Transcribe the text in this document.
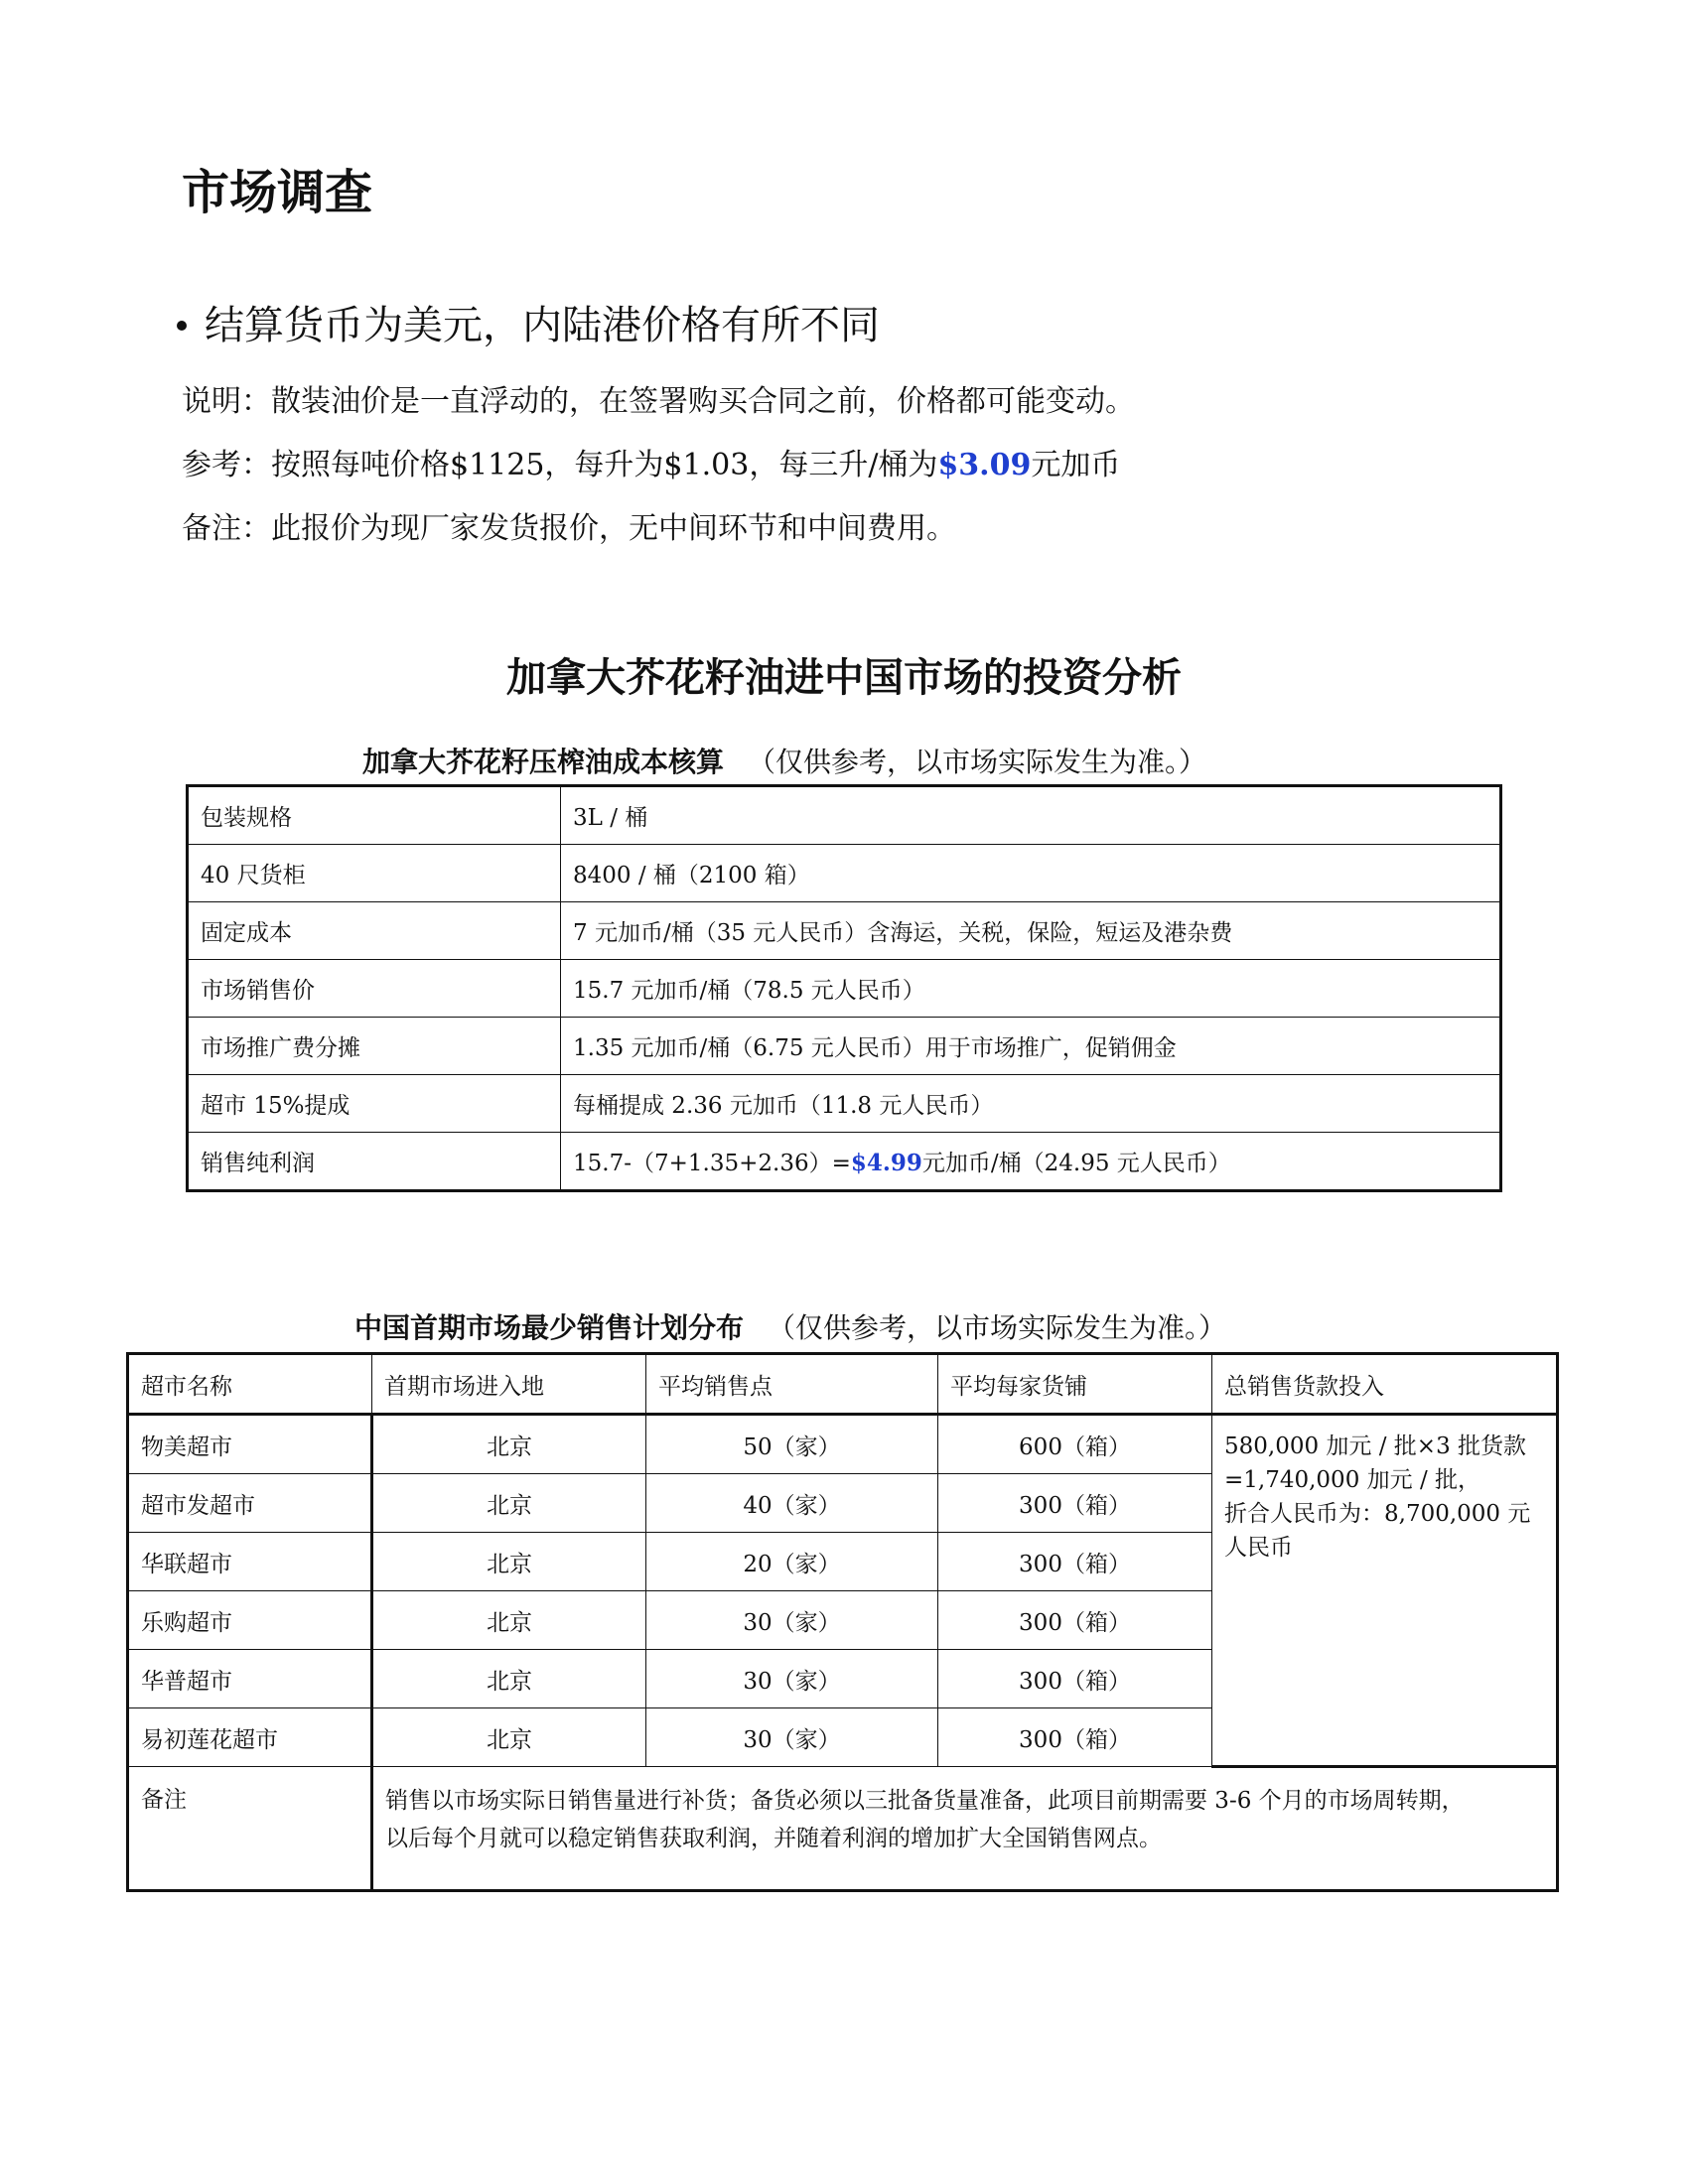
市场调查
结算货币为美元，内陆港价格有所不同
说明：散装油价是一直浮动的，在签署购买合同之前，价格都可能变动。
参考：按照每吨价格$1125，每升为$1.03，每三升/桶为$3.09元加币
备注：此报价为现厂家发货报价，无中间环节和中间费用。
加拿大芥花籽油进中国市场的投资分析
加拿大芥花籽压榨油成本核算 （仅供参考，以市场实际发生为准。）
包装规格	3L / 桶
40 尺货柜	8400 / 桶（2100 箱）
固定成本	7 元加币/桶（35 元人民币）含海运，关税，保险，短运及港杂费
市场销售价	15.7 元加币/桶（78.5 元人民币）
市场推广费分摊	1.35 元加币/桶（6.75 元人民币）用于市场推广，促销佣金
超市 15%提成	每桶提成 2.36 元加币（11.8 元人民币）
销售纯利润	15.7-（7+1.35+2.36）=$4.99元加币/桶（24.95 元人民币）
中国首期市场最少销售计划分布 （仅供参考，以市场实际发生为准。）
超市名称	首期市场进入地	平均销售点	平均每家货铺	总销售货款投入
物美超市	北京	50（家）	600（箱）	580,000 加元 / 批×3 批货款
=1,740,000 加元 / 批，
折合人民币为：8,700,000 元
人民币

超市发超市	北京	40（家）	300（箱）	
华联超市	北京	20（家）	300（箱）	
乐购超市	北京	30（家）	300（箱）	
华普超市	北京	30（家）	300（箱）	
易初莲花超市	北京	30（家）	300（箱）	
备注	销售以市场实际日销售量进行补货；备货必须以三批备货量准备，此项目前期需要 3-6 个月的市场周转期，
以后每个月就可以稳定销售获取利润，并随着利润的增加扩大全国销售网点。			
